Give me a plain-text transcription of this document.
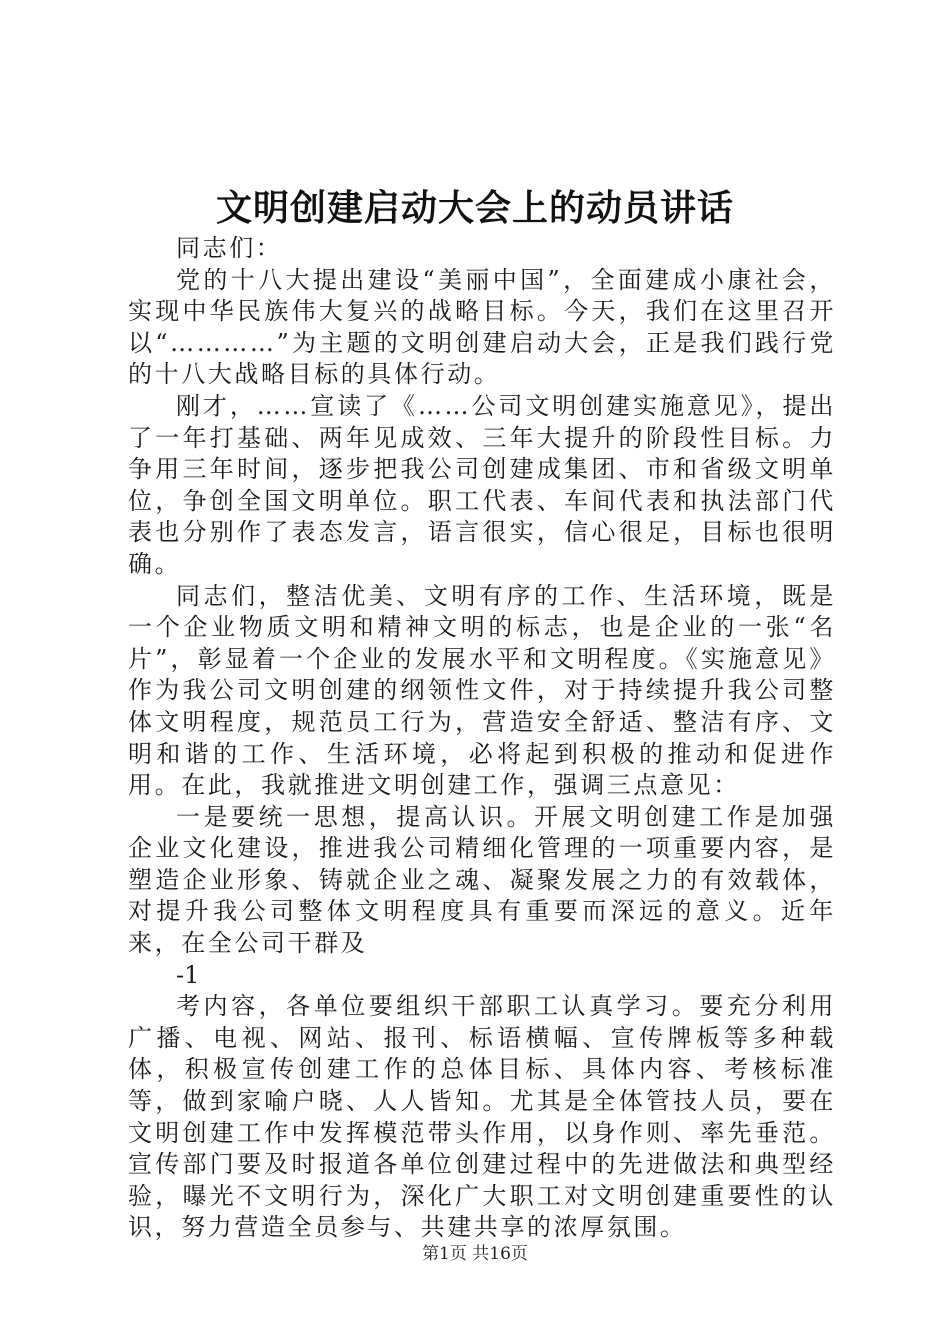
文明创建启动大会上的动员讲话

同志们：

党的十八大提出建设“美丽中国”，全面建成小康社会，实现中华民族伟大复兴的战略目标。今天，我们在这里召开以“…………”为主题的文明创建启动大会，正是我们践行党的十八大战略目标的具体行动。

刚才，……宣读了《……公司文明创建实施意见》，提出了一年打基础、两年见成效、三年大提升的阶段性目标。力争用三年时间，逐步把我公司创建成集团、市和省级文明单位，争创全国文明单位。职工代表、车间代表和执法部门代表也分别作了表态发言，语言很实，信心很足，目标也很明确。

同志们，整洁优美、文明有序的工作、生活环境，既是一个企业物质文明和精神文明的标志，也是企业的一张“名片”，彰显着一个企业的发展水平和文明程度。《实施意见》作为我公司文明创建的纲领性文件，对于持续提升我公司整体文明程度，规范员工行为，营造安全舒适、整洁有序、文明和谐的工作、生活环境，必将起到积极的推动和促进作用。在此，我就推进文明创建工作，强调三点意见：

一是要统一思想，提高认识。开展文明创建工作是加强企业文化建设，推进我公司精细化管理的一项重要内容，是塑造企业形象、铸就企业之魂、凝聚发展之力的有效载体，对提升我公司整体文明程度具有重要而深远的意义。近年来，在全公司干群及

-1

考内容，各单位要组织干部职工认真学习。要充分利用广播、电视、网站、报刊、标语横幅、宣传牌板等多种载体，积极宣传创建工作的总体目标、具体内容、考核标准等，做到家喻户晓、人人皆知。尤其是全体管技人员，要在文明创建工作中发挥模范带头作用，以身作则、率先垂范。宣传部门要及时报道各单位创建过程中的先进做法和典型经验，曝光不文明行为，深化广大职工对文明创建重要性的认识，努力营造全员参与、共建共享的浓厚氛围。

第1页 共16页
